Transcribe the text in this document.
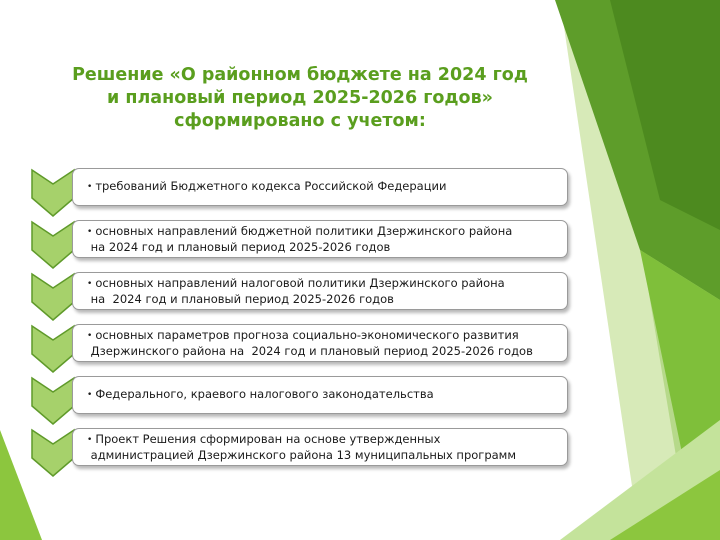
Решение «О районном бюджете на 2024 год
и плановый период 2025-2026 годов»
сформировано с учетом:
• требований Бюджетного кодекса Российской Федерации
• основных направлений бюджетной политики Дзержинского района
на 2024 год и плановый период 2025-2026 годов
• основных направлений налоговой политики Дзержинского района
на  2024 год и плановый период 2025-2026 годов
• основных параметров прогноза социально-экономического развития
Дзержинского района на  2024 год и плановый период 2025-2026 годов
• Федерального, краевого налогового законодательства
• Проект Решения сформирован на основе утвержденных
администрацией Дзержинского района 13 муниципальных программ
